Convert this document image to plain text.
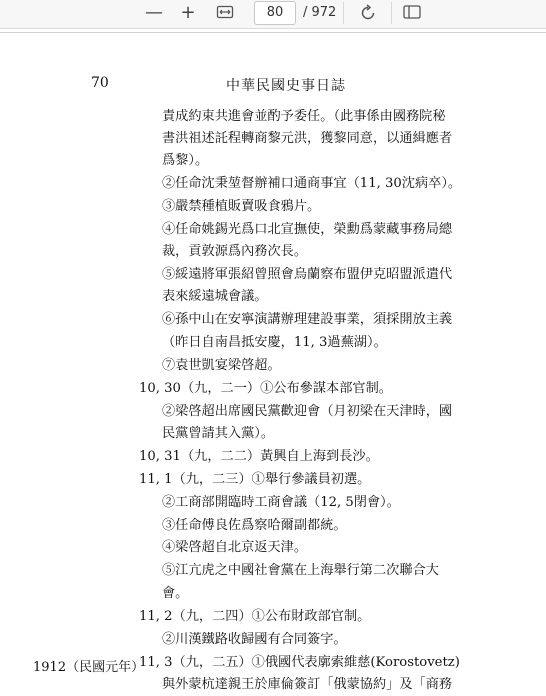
— +	80	/ 972
70	中華民國史事日誌
責成約束共進會並酌予委任。（此事係由國務院秘
書洪祖述託程轉商黎元洪，獲黎同意，以通緝應者
爲黎）。
②任命沈秉堃督辦補口通商事宜（11, 30沈病卒）。
③嚴禁種植販賣吸食鴉片。
④任命姚錫光爲口北宣撫使，榮勳爲蒙藏事務局總
裁，貢敦源爲內務次長。
⑤綏遠將軍張紹曾照會烏蘭察布盟伊克昭盟派遣代
表來綏遠城會議。
⑥孫中山在安寧演講辦理建設事業，須採開放主義
（昨日自南昌抵安慶，11, 3過蕪湖）。
⑦袁世凱宴梁啓超。
10, 30（九，二一）①公布參謀本部官制。
②梁啓超出席國民黨歡迎會（月初梁在天津時，國
民黨曾請其入黨）。
10, 31（九，二二）黃興自上海到長沙。
11, 1（九，二三）①舉行參議員初選。
②工商部開臨時工商會議（12, 5閉會）。
③任命傅良佐爲察哈爾副都統。
④梁啓超自北京返天津。
⑤江亢虎之中國社會黨在上海舉行第二次聯合大
會。
11, 2（九，二四）①公布財政部官制。
②川漢鐵路收歸國有合同簽字。
11, 3（九，二五）①俄國代表廓索維慈(Korostovetz)
與外蒙杭達親王於庫倫簽訂「俄蒙協約」及「商務
1912（民國元年）
